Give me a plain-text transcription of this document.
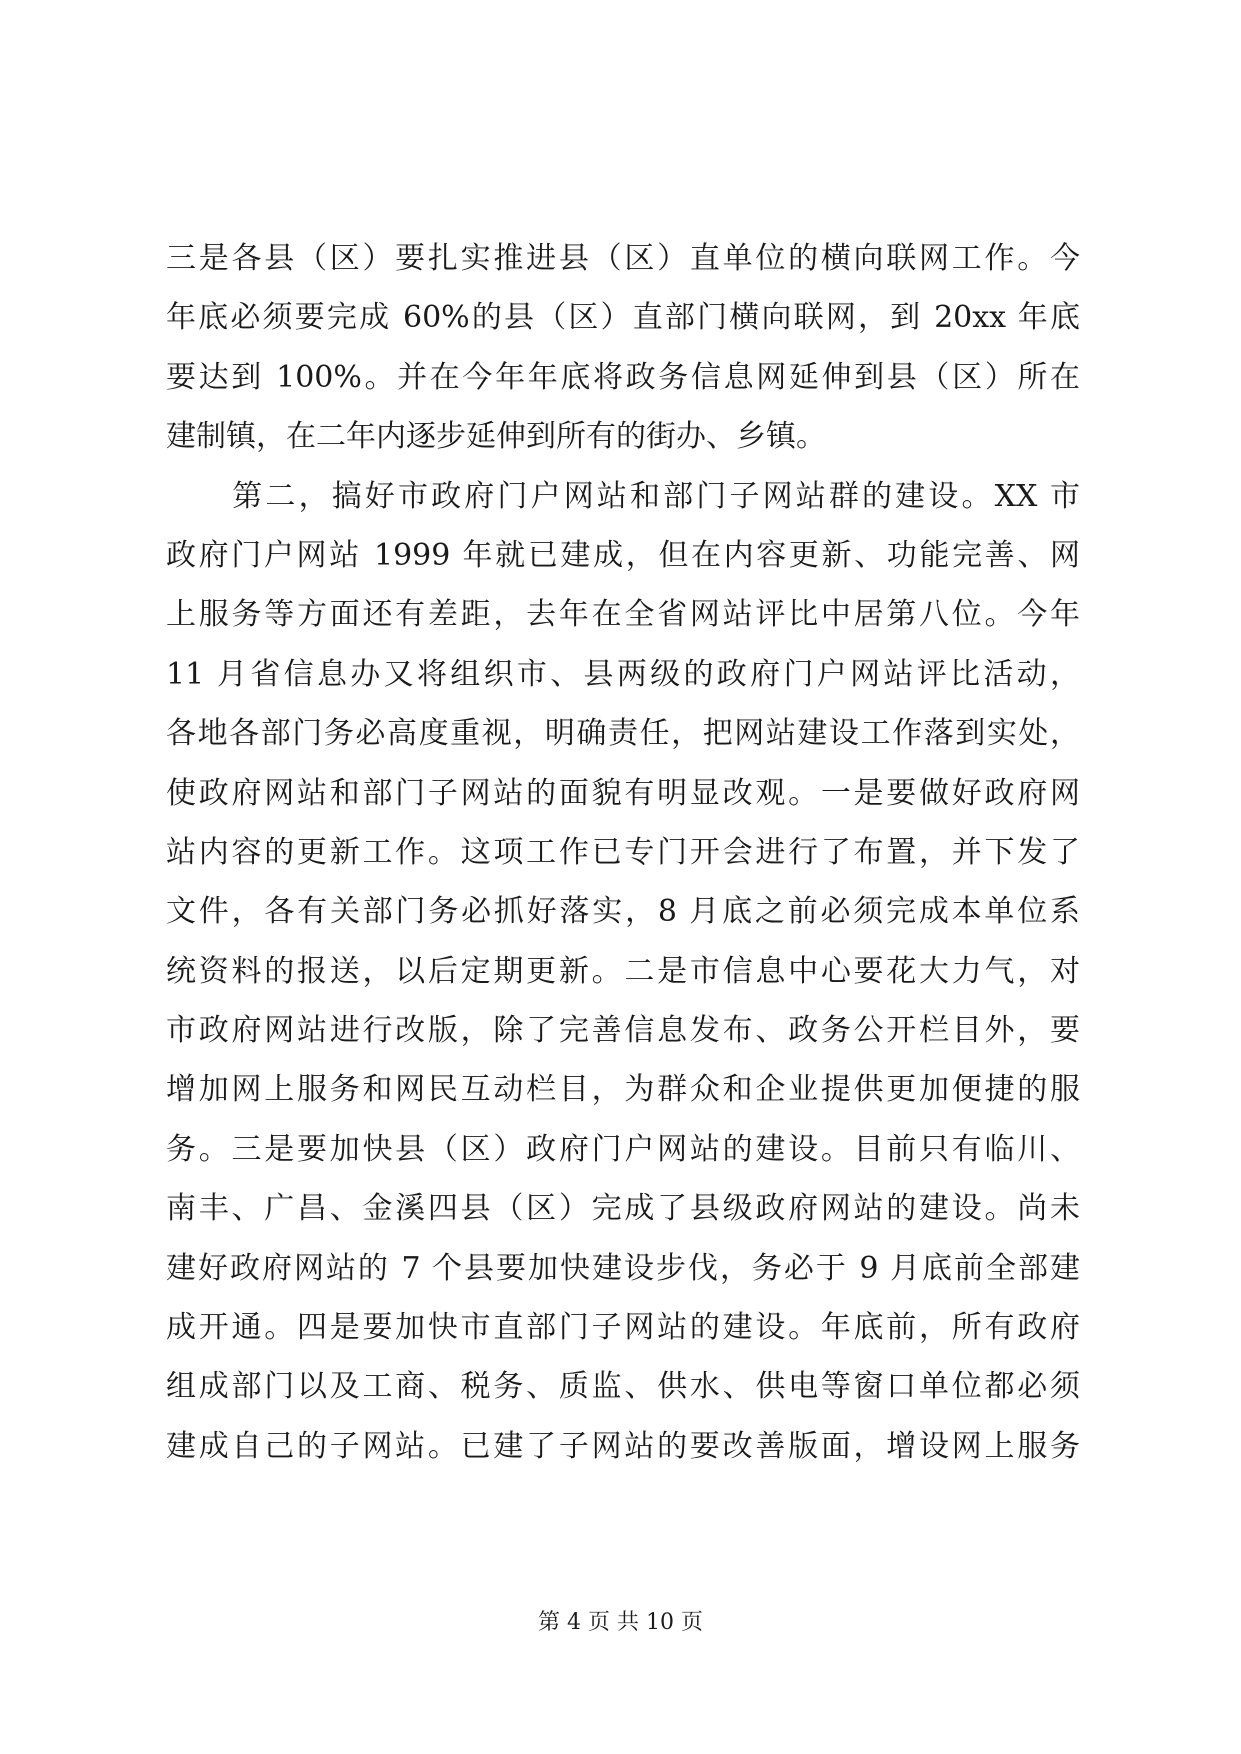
三是各县（区）要扎实推进县（区）直单位的横向联网工作。今
年底必须要完成 60%的县（区）直部门横向联网，到 20xx 年底
要达到 100%。并在今年年底将政务信息网延伸到县（区）所在
建制镇，在二年内逐步延伸到所有的街办、乡镇。
　　第二，搞好市政府门户网站和部门子网站群的建设。XX 市
政府门户网站 1999 年就已建成，但在内容更新、功能完善、网
上服务等方面还有差距，去年在全省网站评比中居第八位。今年
11 月省信息办又将组织市、县两级的政府门户网站评比活动，
各地各部门务必高度重视，明确责任，把网站建设工作落到实处，
使政府网站和部门子网站的面貌有明显改观。一是要做好政府网
站内容的更新工作。这项工作已专门开会进行了布置，并下发了
文件，各有关部门务必抓好落实，8 月底之前必须完成本单位系
统资料的报送，以后定期更新。二是市信息中心要花大力气，对
市政府网站进行改版，除了完善信息发布、政务公开栏目外，要
增加网上服务和网民互动栏目，为群众和企业提供更加便捷的服
务。三是要加快县（区）政府门户网站的建设。目前只有临川、
南丰、广昌、金溪四县（区）完成了县级政府网站的建设。尚未
建好政府网站的 7 个县要加快建设步伐，务必于 9 月底前全部建
成开通。四是要加快市直部门子网站的建设。年底前，所有政府
组成部门以及工商、税务、质监、供水、供电等窗口单位都必须
建成自己的子网站。已建了子网站的要改善版面，增设网上服务
第 4 页 共 10 页
